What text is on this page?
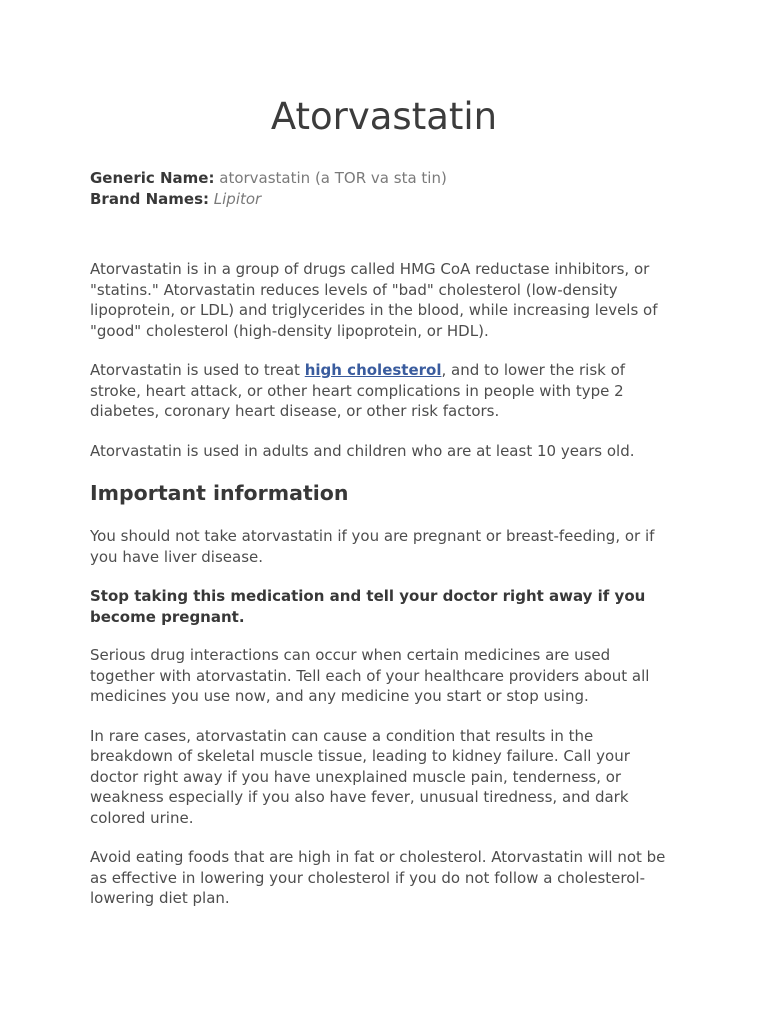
Atorvastatin
Generic Name: atorvastatin (a TOR va sta tin)
Brand Names: Lipitor

Atorvastatin is in a group of drugs called HMG CoA reductase inhibitors, or "statins." Atorvastatin reduces levels of "bad" cholesterol (low-density lipoprotein, or LDL) and triglycerides in the blood, while increasing levels of "good" cholesterol (high-density lipoprotein, or HDL).

Atorvastatin is used to treat high cholesterol, and to lower the risk of stroke, heart attack, or other heart complications in people with type 2 diabetes, coronary heart disease, or other risk factors.

Atorvastatin is used in adults and children who are at least 10 years old.

Important information

You should not take atorvastatin if you are pregnant or breast-feeding, or if you have liver disease.

Stop taking this medication and tell your doctor right away if you become pregnant.

Serious drug interactions can occur when certain medicines are used together with atorvastatin. Tell each of your healthcare providers about all medicines you use now, and any medicine you start or stop using.

In rare cases, atorvastatin can cause a condition that results in the breakdown of skeletal muscle tissue, leading to kidney failure. Call your doctor right away if you have unexplained muscle pain, tenderness, or weakness especially if you also have fever, unusual tiredness, and dark colored urine.

Avoid eating foods that are high in fat or cholesterol. Atorvastatin will not be as effective in lowering your cholesterol if you do not follow a cholesterol-lowering diet plan.
